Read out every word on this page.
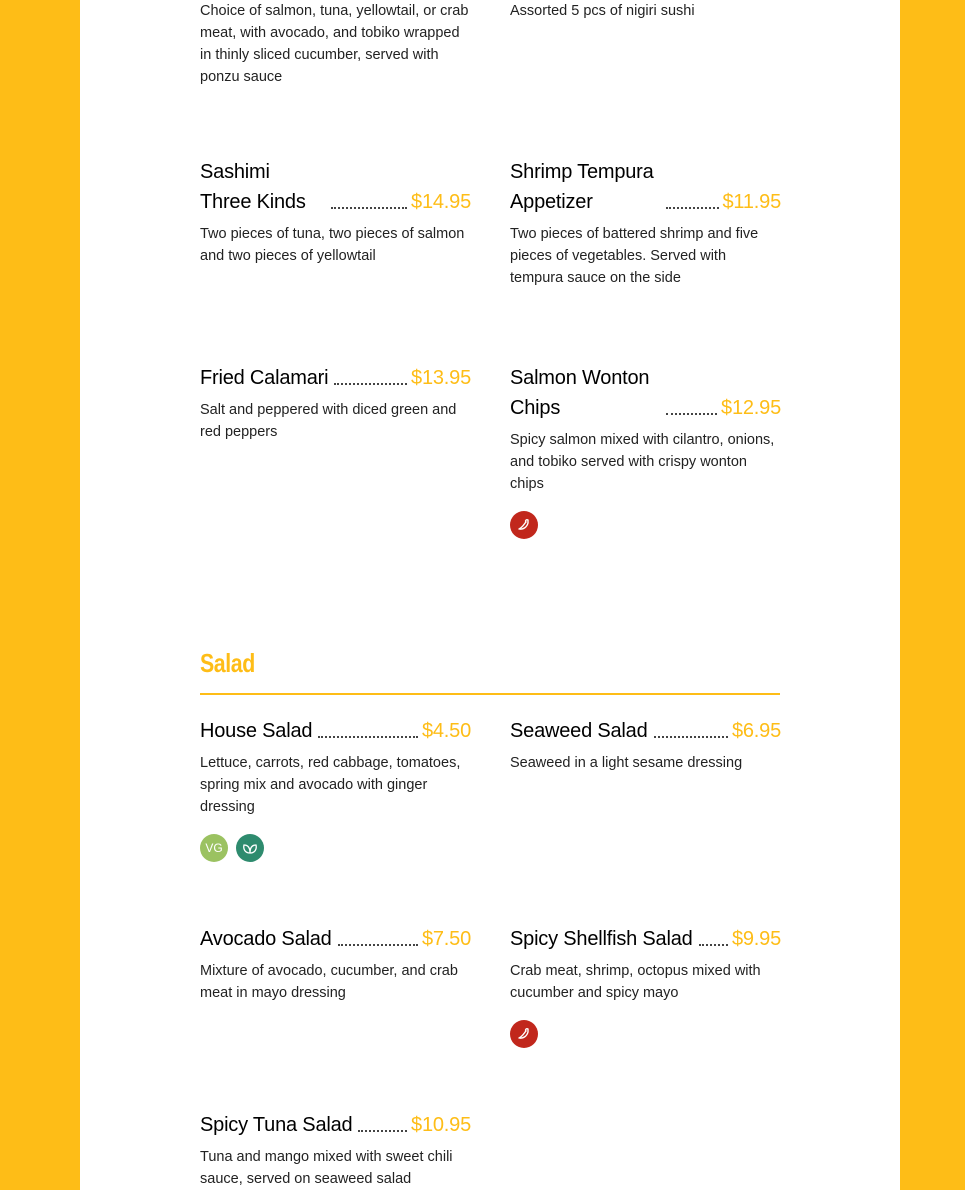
Choice of salmon, tuna, yellowtail, or crab meat, with avocado, and tobiko wrapped in thinly sliced cucumber, served with ponzu sauce
Assorted 5 pcs of nigiri sushi
Sashimi Three Kinds	$14.95
Two pieces of tuna, two pieces of salmon and two pieces of yellowtail
Shrimp Tempura Appetizer	$11.95
Two pieces of battered shrimp and five pieces of vegetables. Served with tempura sauce on the side
Fried Calamari	$13.95
Salt and peppered with diced green and red peppers
Salmon Wonton Chips	$12.95
Spicy salmon mixed with cilantro, onions, and tobiko served with crispy wonton chips
Salad
House Salad	$4.50
Lettuce, carrots, red cabbage, tomatoes, spring mix and avocado with ginger dressing
VG
Seaweed Salad	$6.95
Seaweed in a light sesame dressing
Avocado Salad	$7.50
Mixture of avocado, cucumber, and crab meat in mayo dressing
Spicy Shellfish Salad $9.95
Crab meat, shrimp, octopus mixed with cucumber and spicy mayo
Spicy Tuna Salad	$10.95
Tuna and mango mixed with sweet chili sauce, served on seaweed salad
